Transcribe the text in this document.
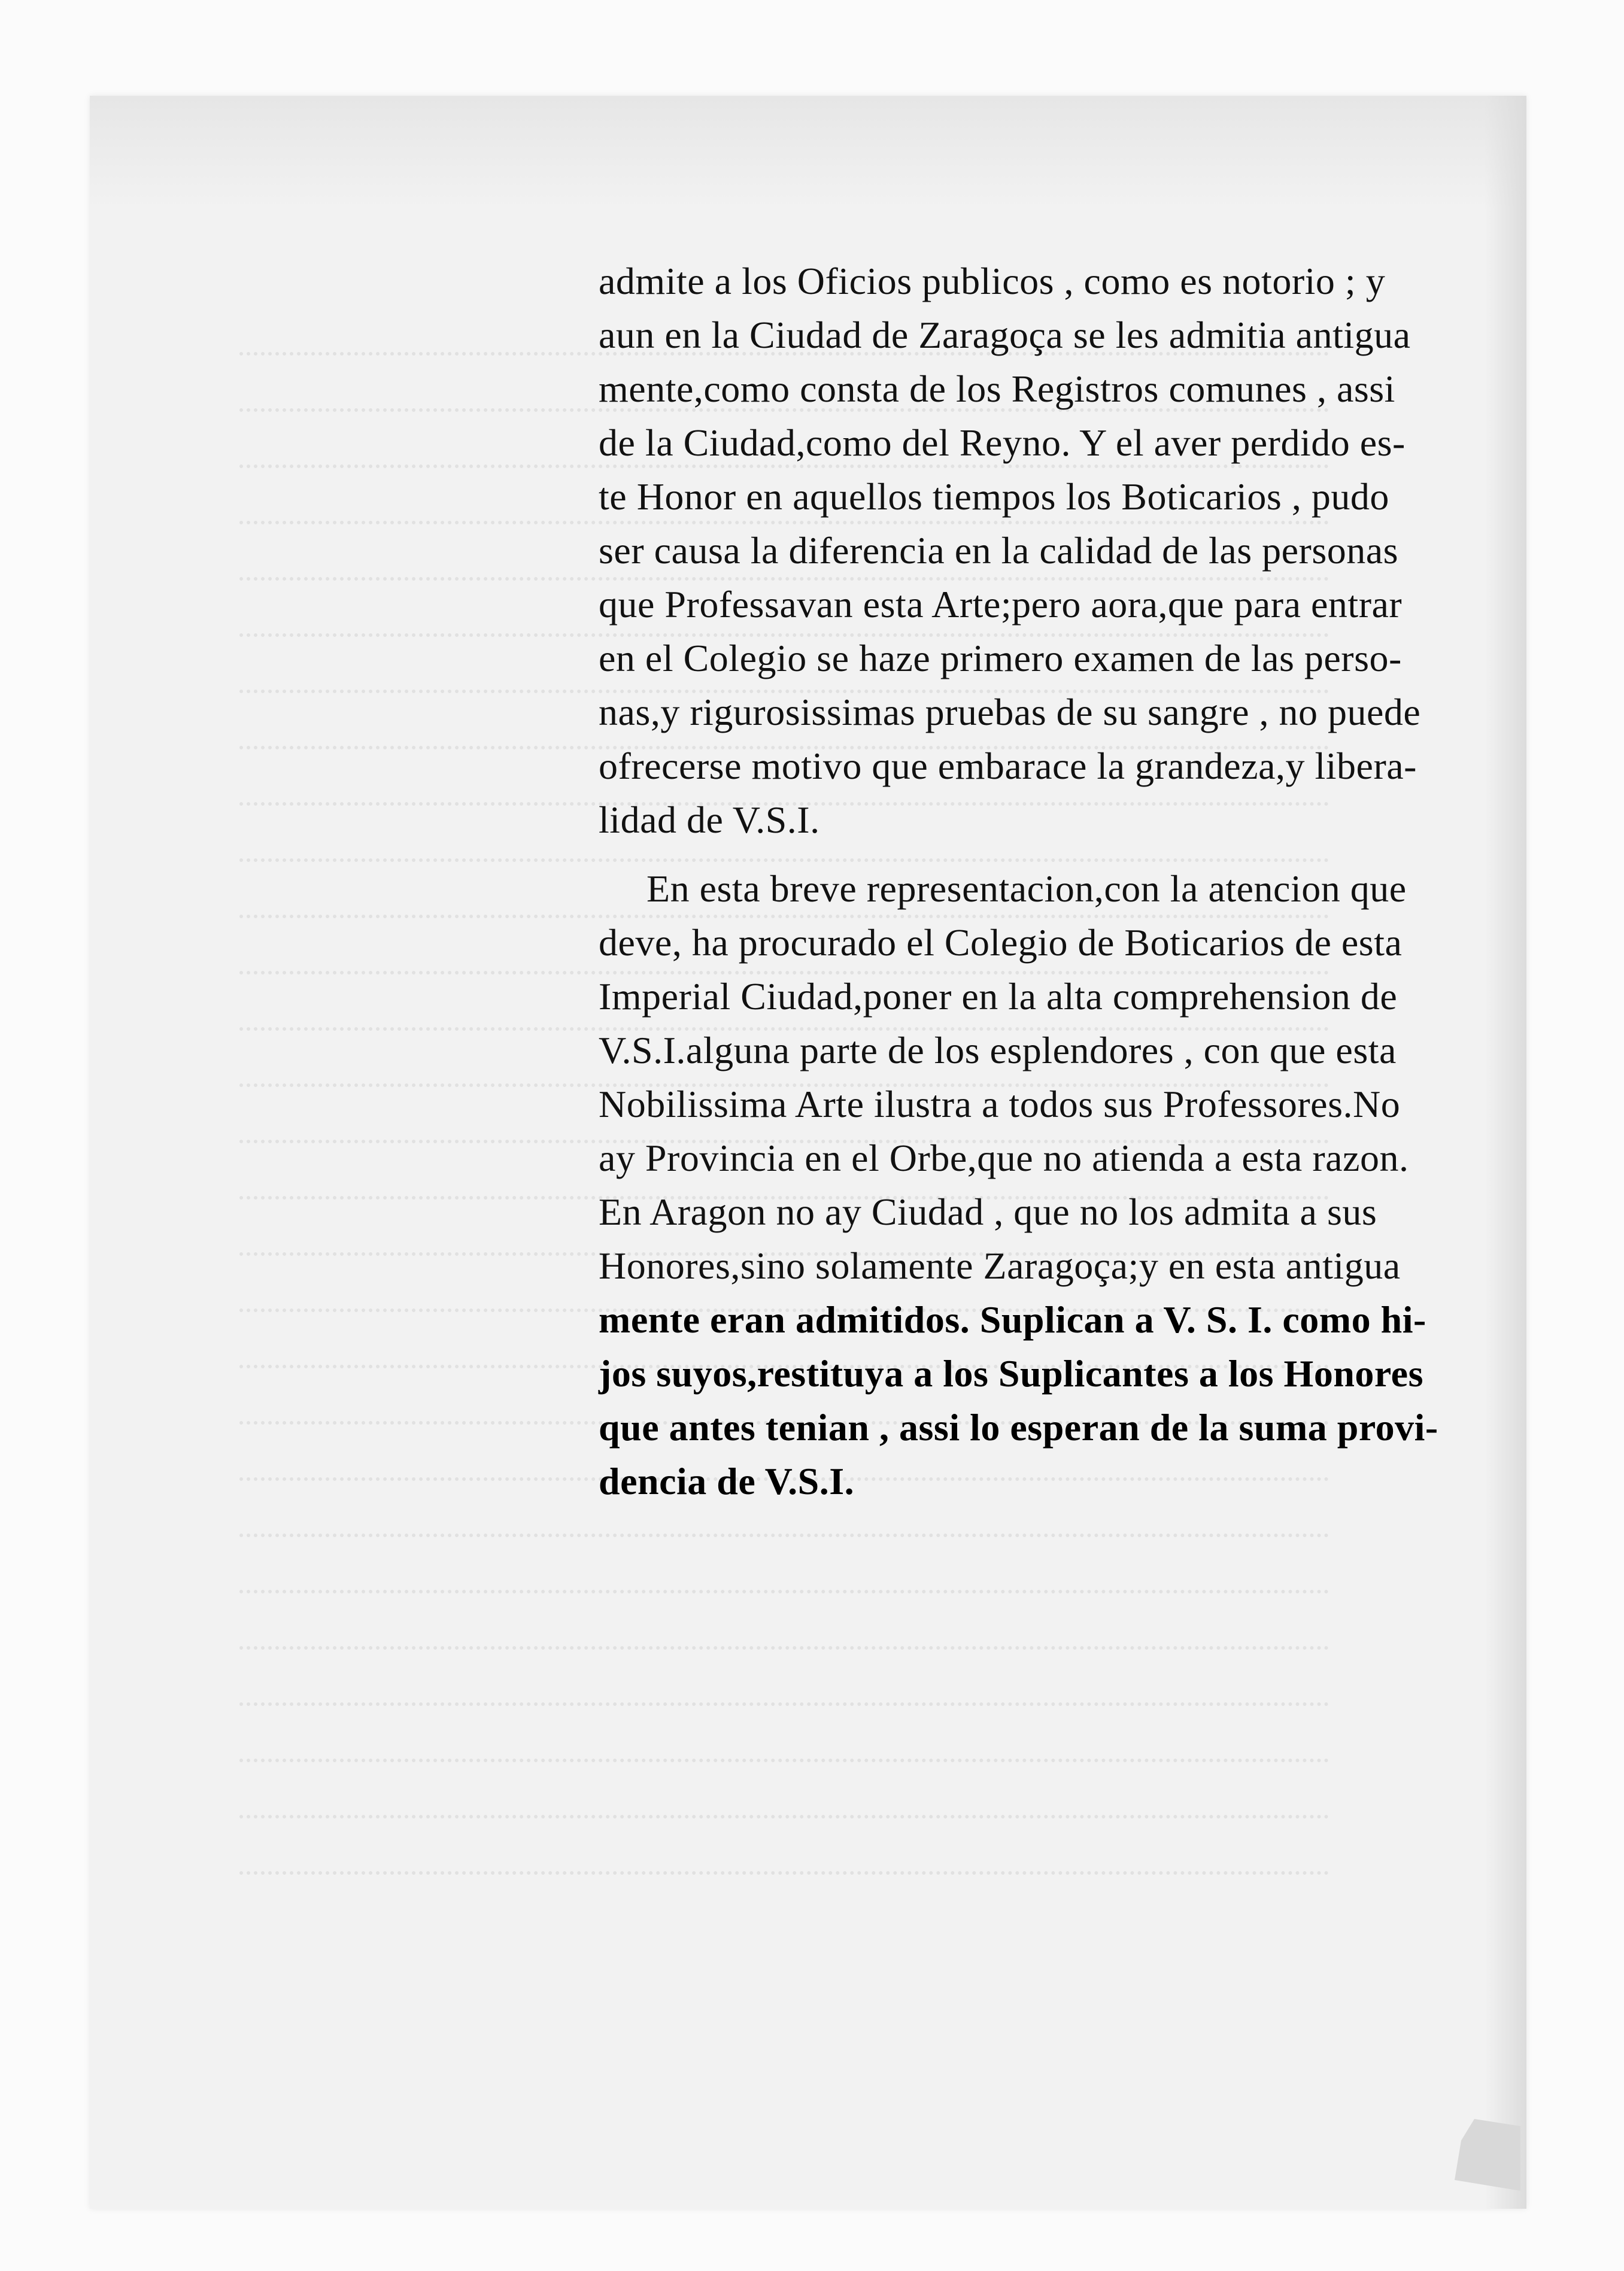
admite a los Oficios publicos , como es notorio ; y
aun en la Ciudad de Zaragoça se les admitia antigua
mente,como consta de los Registros comunes , assi
de la Ciudad,como del Reyno. Y el aver perdido es-
te Honor en aquellos tiempos los Boticarios , pudo
ser causa la diferencia en la calidad de las personas
que Professavan esta Arte;pero aora,que para entrar
en el Colegio se haze primero examen de las perso-
nas,y rigurosissimas pruebas de su sangre , no puede
ofrecerse motivo que embarace la grandeza,y libera-
lidad de V.S.I.
En esta breve representacion,con la atencion que
deve, ha procurado el Colegio de Boticarios de esta
Imperial Ciudad,poner en la alta comprehension de
V.S.I.alguna parte de los esplendores , con que esta
Nobilissima Arte ilustra a todos sus Professores.No
ay Provincia en el Orbe,que no atienda a esta razon.
En Aragon no ay Ciudad , que no los admita a sus
Honores,sino solamente Zaragoça;y en esta antigua
mente eran admitidos. Suplican a V. S. I. como hi-
jos suyos,restituya a los Suplicantes a los Honores
que antes tenian , assi lo esperan de la suma provi-
dencia de V.S.I.
